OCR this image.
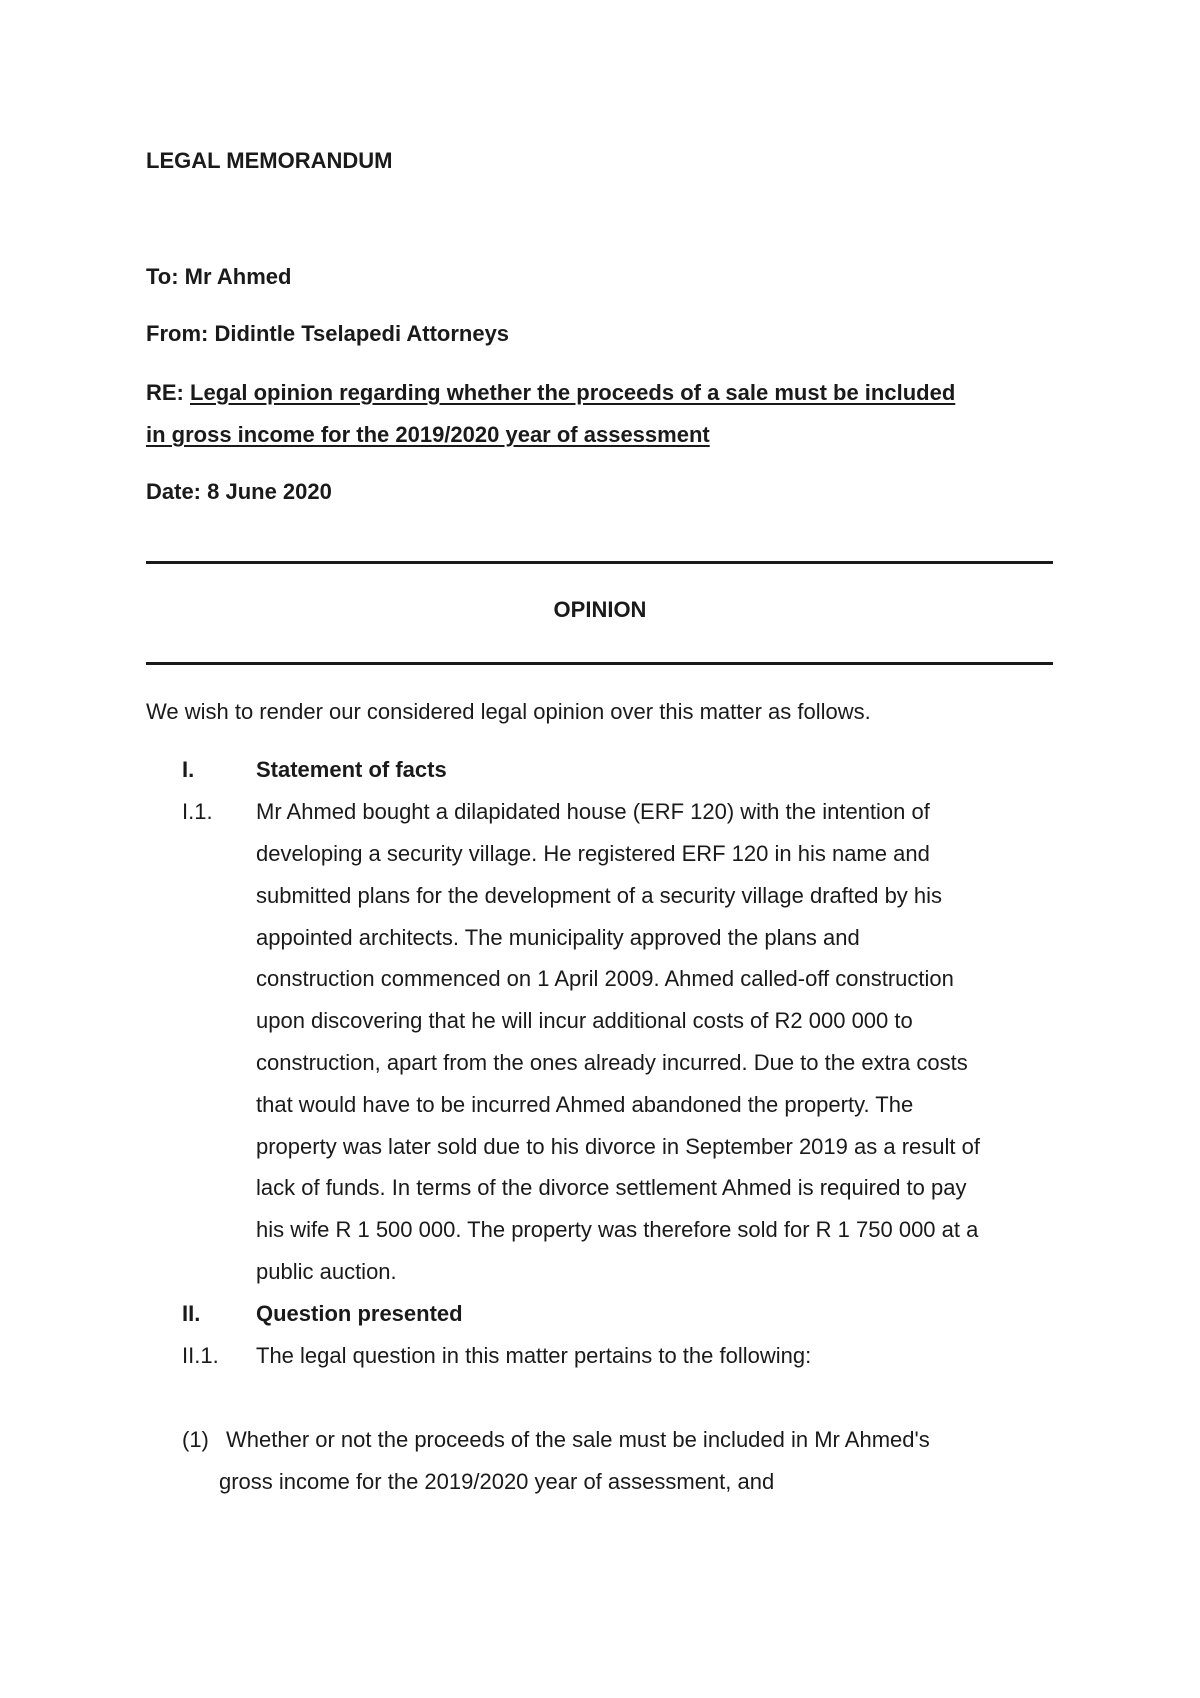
LEGAL MEMORANDUM
To: Mr Ahmed
From: Didintle Tselapedi Attorneys
RE: Legal opinion regarding whether the proceeds of a sale must be included
in gross income for the 2019/2020 year of assessment
Date: 8 June 2020
OPINION
We wish to render our considered legal opinion over this matter as follows.
I.	Statement of facts
I.1. Mr Ahmed bought a dilapidated house (ERF 120) with the intention of
developing a security village. He registered ERF 120 in his name and
submitted plans for the development of a security village drafted by his
appointed architects. The municipality approved the plans and
construction commenced on 1 April 2009. Ahmed called-off construction
upon discovering that he will incur additional costs of R2 000 000 to
construction, apart from the ones already incurred. Due to the extra costs
that would have to be incurred Ahmed abandoned the property. The
property was later sold due to his divorce in September 2019 as a result of
lack of funds. In terms of the divorce settlement Ahmed is required to pay
his wife R 1 500 000. The property was therefore sold for R 1 750 000 at a
public auction.
II.	Question presented
II.1. The legal question in this matter pertains to the following:
(1) Whether or not the proceeds of the sale must be included in Mr Ahmed's
gross income for the 2019/2020 year of assessment, and
